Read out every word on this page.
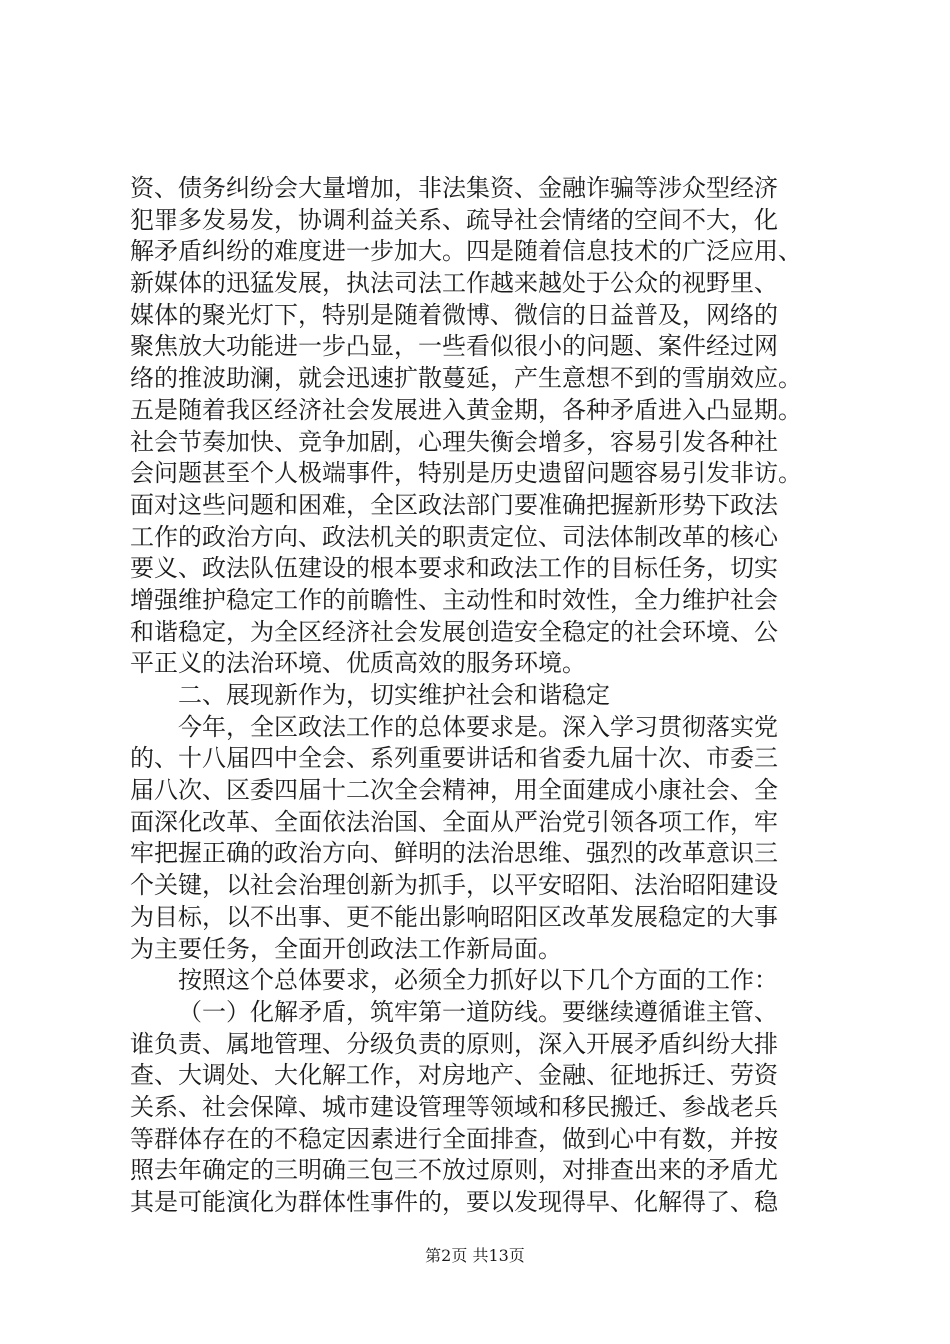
资、债务纠纷会大量增加，非法集资、金融诈骗等涉众型经济
犯罪多发易发，协调利益关系、疏导社会情绪的空间不大，化
解矛盾纠纷的难度进一步加大。四是随着信息技术的广泛应用、
新媒体的迅猛发展，执法司法工作越来越处于公众的视野里、
媒体的聚光灯下，特别是随着微博、微信的日益普及，网络的
聚焦放大功能进一步凸显，一些看似很小的问题、案件经过网
络的推波助澜，就会迅速扩散蔓延，产生意想不到的雪崩效应。
五是随着我区经济社会发展进入黄金期，各种矛盾进入凸显期。
社会节奏加快、竞争加剧，心理失衡会增多，容易引发各种社
会问题甚至个人极端事件，特别是历史遗留问题容易引发非访。
面对这些问题和困难，全区政法部门要准确把握新形势下政法
工作的政治方向、政法机关的职责定位、司法体制改革的核心
要义、政法队伍建设的根本要求和政法工作的目标任务，切实
增强维护稳定工作的前瞻性、主动性和时效性，全力维护社会
和谐稳定，为全区经济社会发展创造安全稳定的社会环境、公
平正义的法治环境、优质高效的服务环境。
二、展现新作为，切实维护社会和谐稳定
今年，全区政法工作的总体要求是。深入学习贯彻落实党
的、十八届四中全会、系列重要讲话和省委九届十次、市委三
届八次、区委四届十二次全会精神，用全面建成小康社会、全
面深化改革、全面依法治国、全面从严治党引领各项工作，牢
牢把握正确的政治方向、鲜明的法治思维、强烈的改革意识三
个关键，以社会治理创新为抓手，以平安昭阳、法治昭阳建设
为目标，以不出事、更不能出影响昭阳区改革发展稳定的大事
为主要任务，全面开创政法工作新局面。
按照这个总体要求，必须全力抓好以下几个方面的工作：
（一）化解矛盾，筑牢第一道防线。要继续遵循谁主管、
谁负责、属地管理、分级负责的原则，深入开展矛盾纠纷大排
查、大调处、大化解工作，对房地产、金融、征地拆迁、劳资
关系、社会保障、城市建设管理等领域和移民搬迁、参战老兵
等群体存在的不稳定因素进行全面排查，做到心中有数，并按
照去年确定的三明确三包三不放过原则，对排查出来的矛盾尤
其是可能演化为群体性事件的，要以发现得早、化解得了、稳
第2页 共13页
